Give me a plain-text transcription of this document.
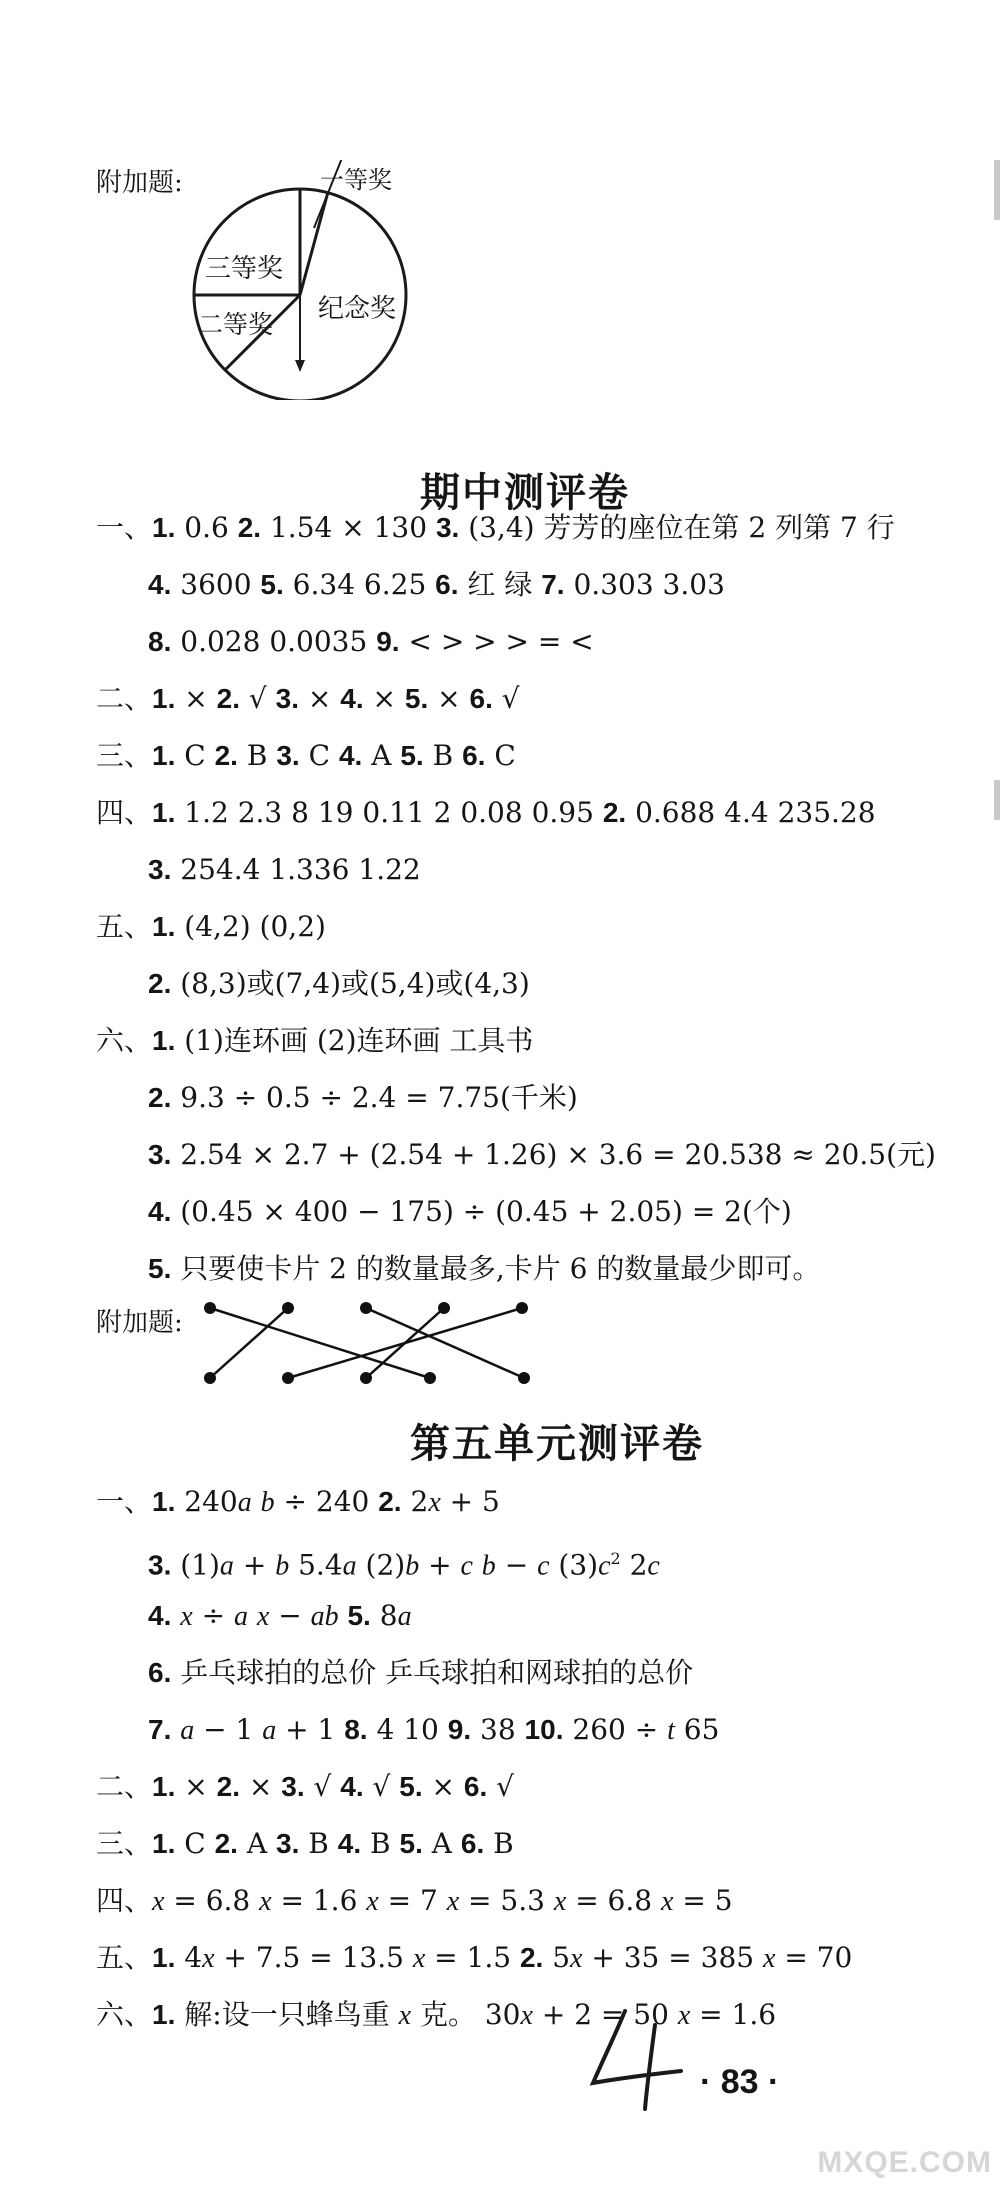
附加题:	一等奖
三等奖
二等奖
纪念奖
期中测评卷
一、1. 0.6 2. 1.54 × 130 3. (3,4) 芳芳的座位在第 2 列第 7 行
4. 3600 5. 6.34 6.25 6. 红 绿 7. 0.303 3.03
8. 0.028 0.0035 9. < > > > = <
二、1. × 2. √ 3. × 4. × 5. × 6. √
三、1. C 2. B 3. C 4. A 5. B 6. C
四、1. 1.2 2.3 8 19 0.11 2 0.08 0.95 2. 0.688 4.4 235.28
3. 254.4 1.336 1.22
五、1. (4,2) (0,2)
2. (8,3)或(7,4)或(5,4)或(4,3)
六、1. (1)连环画 (2)连环画 工具书
2. 9.3 ÷ 0.5 ÷ 2.4 = 7.75(千米)
3. 2.54 × 2.7 + (2.54 + 1.26) × 3.6 = 20.538 ≈ 20.5(元)
4. (0.45 × 400 − 175) ÷ (0.45 + 2.05) = 2(个)
5. 只要使卡片 2 的数量最多,卡片 6 的数量最少即可。
附加题:
第五单元测评卷
一、1. 240a b ÷ 240 2. 2x + 5
3. (1)a + b 5.4a (2)b + c b − c $(3)c^2$ 2c
4. x ÷ a x − ab 5. 8a
6. 乒乓球拍的总价 乒乓球拍和网球拍的总价
7. a − 1 a + 1 8. 4 10 9. 38 10. 260 ÷ t 65
二、1. × 2. × 3. √ 4. √ 5. × 6. √
三、1. C 2. A 3. B 4. B 5. A 6. B
四、x = 6.8 x = 1.6 x = 7 x = 5.3 x = 6.8 x = 5
五、1. 4x + 7.5 = 13.5 x = 1.5 2. 5x + 35 = 385 x = 70
六、1. 解:设一只蜂鸟重 x 克。 30x + 2 = 50 x = 1.6
· 83 ·
MXQE.COM
